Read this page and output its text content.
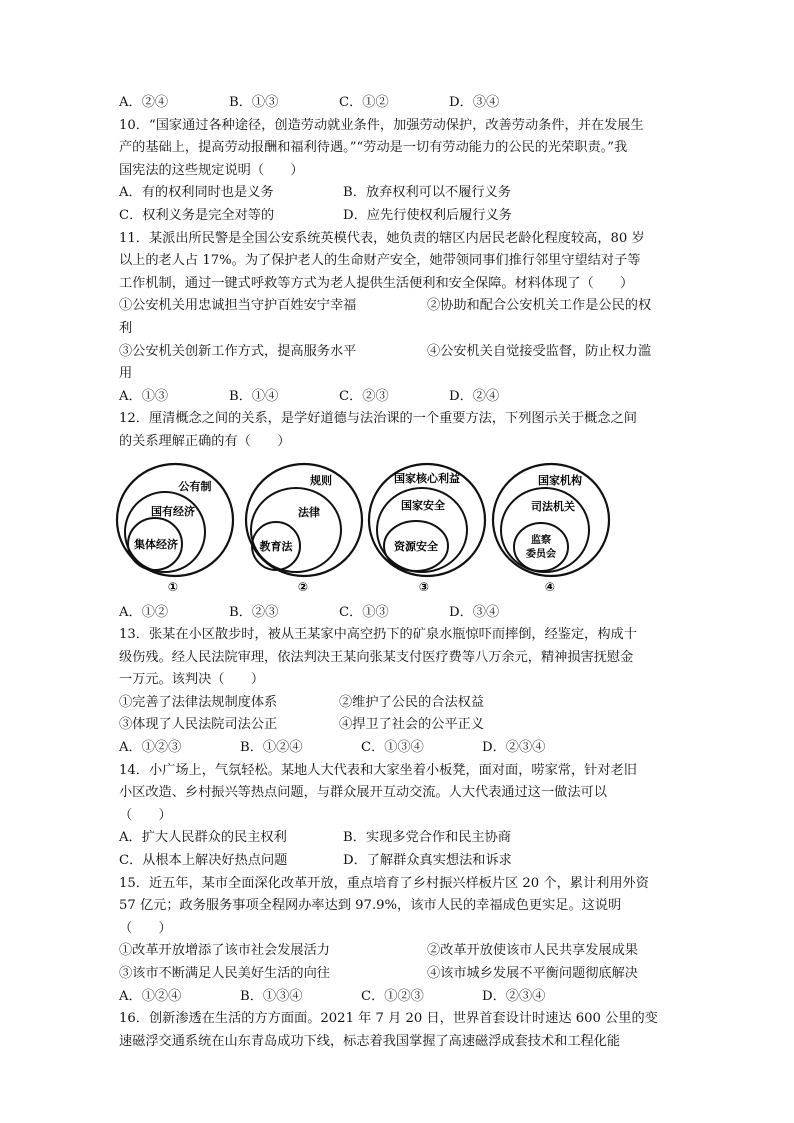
A．②④	B．①③	C．①②	D．③④
10．“国家通过各种途径，创造劳动就业条件，加强劳动保护，改善劳动条件，并在发展生
产的基础上，提高劳动报酬和福利待遇。”“劳动是一切有劳动能力的公民的光荣职责。”我
国宪法的这些规定说明（　　）
A．有的权利同时也是义务	B．放弃权利可以不履行义务
C．权利义务是完全对等的	D．应先行使权利后履行义务
11．某派出所民警是全国公安系统英模代表，她负责的辖区内居民老龄化程度较高，80 岁
以上的老人占 17%。为了保护老人的生命财产安全，她带领同事们推行邻里守望结对子等
工作机制，通过一键式呼救等方式为老人提供生活便利和安全保障。材料体现了（　　）
①公安机关用忠诚担当守护百姓安宁幸福	②协助和配合公安机关工作是公民的权
利
③公安机关创新工作方式，提高服务水平	④公安机关自觉接受监督，防止权力滥
用
A．①③	B．①④	C．②③	D．②④
12．厘清概念之间的关系，是学好道德与法治课的一个重要方法，下列图示关于概念之间
的关系理解正确的有（　　）
公有制
国有经济
集体经济
①
规则
法律
教育法
②
国家核心利益
国家安全
资源安全
③
国家机构
司法机关
监察
委员会
④
A．①②	B．②③	C．①③	D．③④
13．张某在小区散步时，被从王某家中高空扔下的矿泉水瓶惊吓而摔倒，经鉴定，构成十
级伤残。经人民法院审理，依法判决王某向张某支付医疗费等八万余元，精神损害抚慰金
一万元。该判决（　　）
①完善了法律法规制度体系	②维护了公民的合法权益
③体现了人民法院司法公正	④捍卫了社会的公平正义
A．①②③	B．①②④	C．①③④	D．②③④
14．小广场上，气氛轻松。某地人大代表和大家坐着小板凳，面对面，唠家常，针对老旧
小区改造、乡村振兴等热点问题，与群众展开互动交流。人大代表通过这一做法可以
（　　）
A．扩大人民群众的民主权利	B．实现多党合作和民主协商
C．从根本上解决好热点问题	D．了解群众真实想法和诉求
15．近五年，某市全面深化改革开放，重点培育了乡村振兴样板片区 20 个，累计利用外资
57 亿元；政务服务事项全程网办率达到 97.9%，该市人民的幸福成色更实足。这说明
（　　）
①改革开放增添了该市社会发展活力	②改革开放使该市人民共享发展成果
③该市不断满足人民美好生活的向往	④该市城乡发展不平衡问题彻底解决
A．①②④	B．①③④	C．①②③	D．②③④
16．创新渗透在生活的方方面面。2021 年 7 月 20 日，世界首套设计时速达 600 公里的变
速磁浮交通系统在山东青岛成功下线，标志着我国掌握了高速磁浮成套技术和工程化能
